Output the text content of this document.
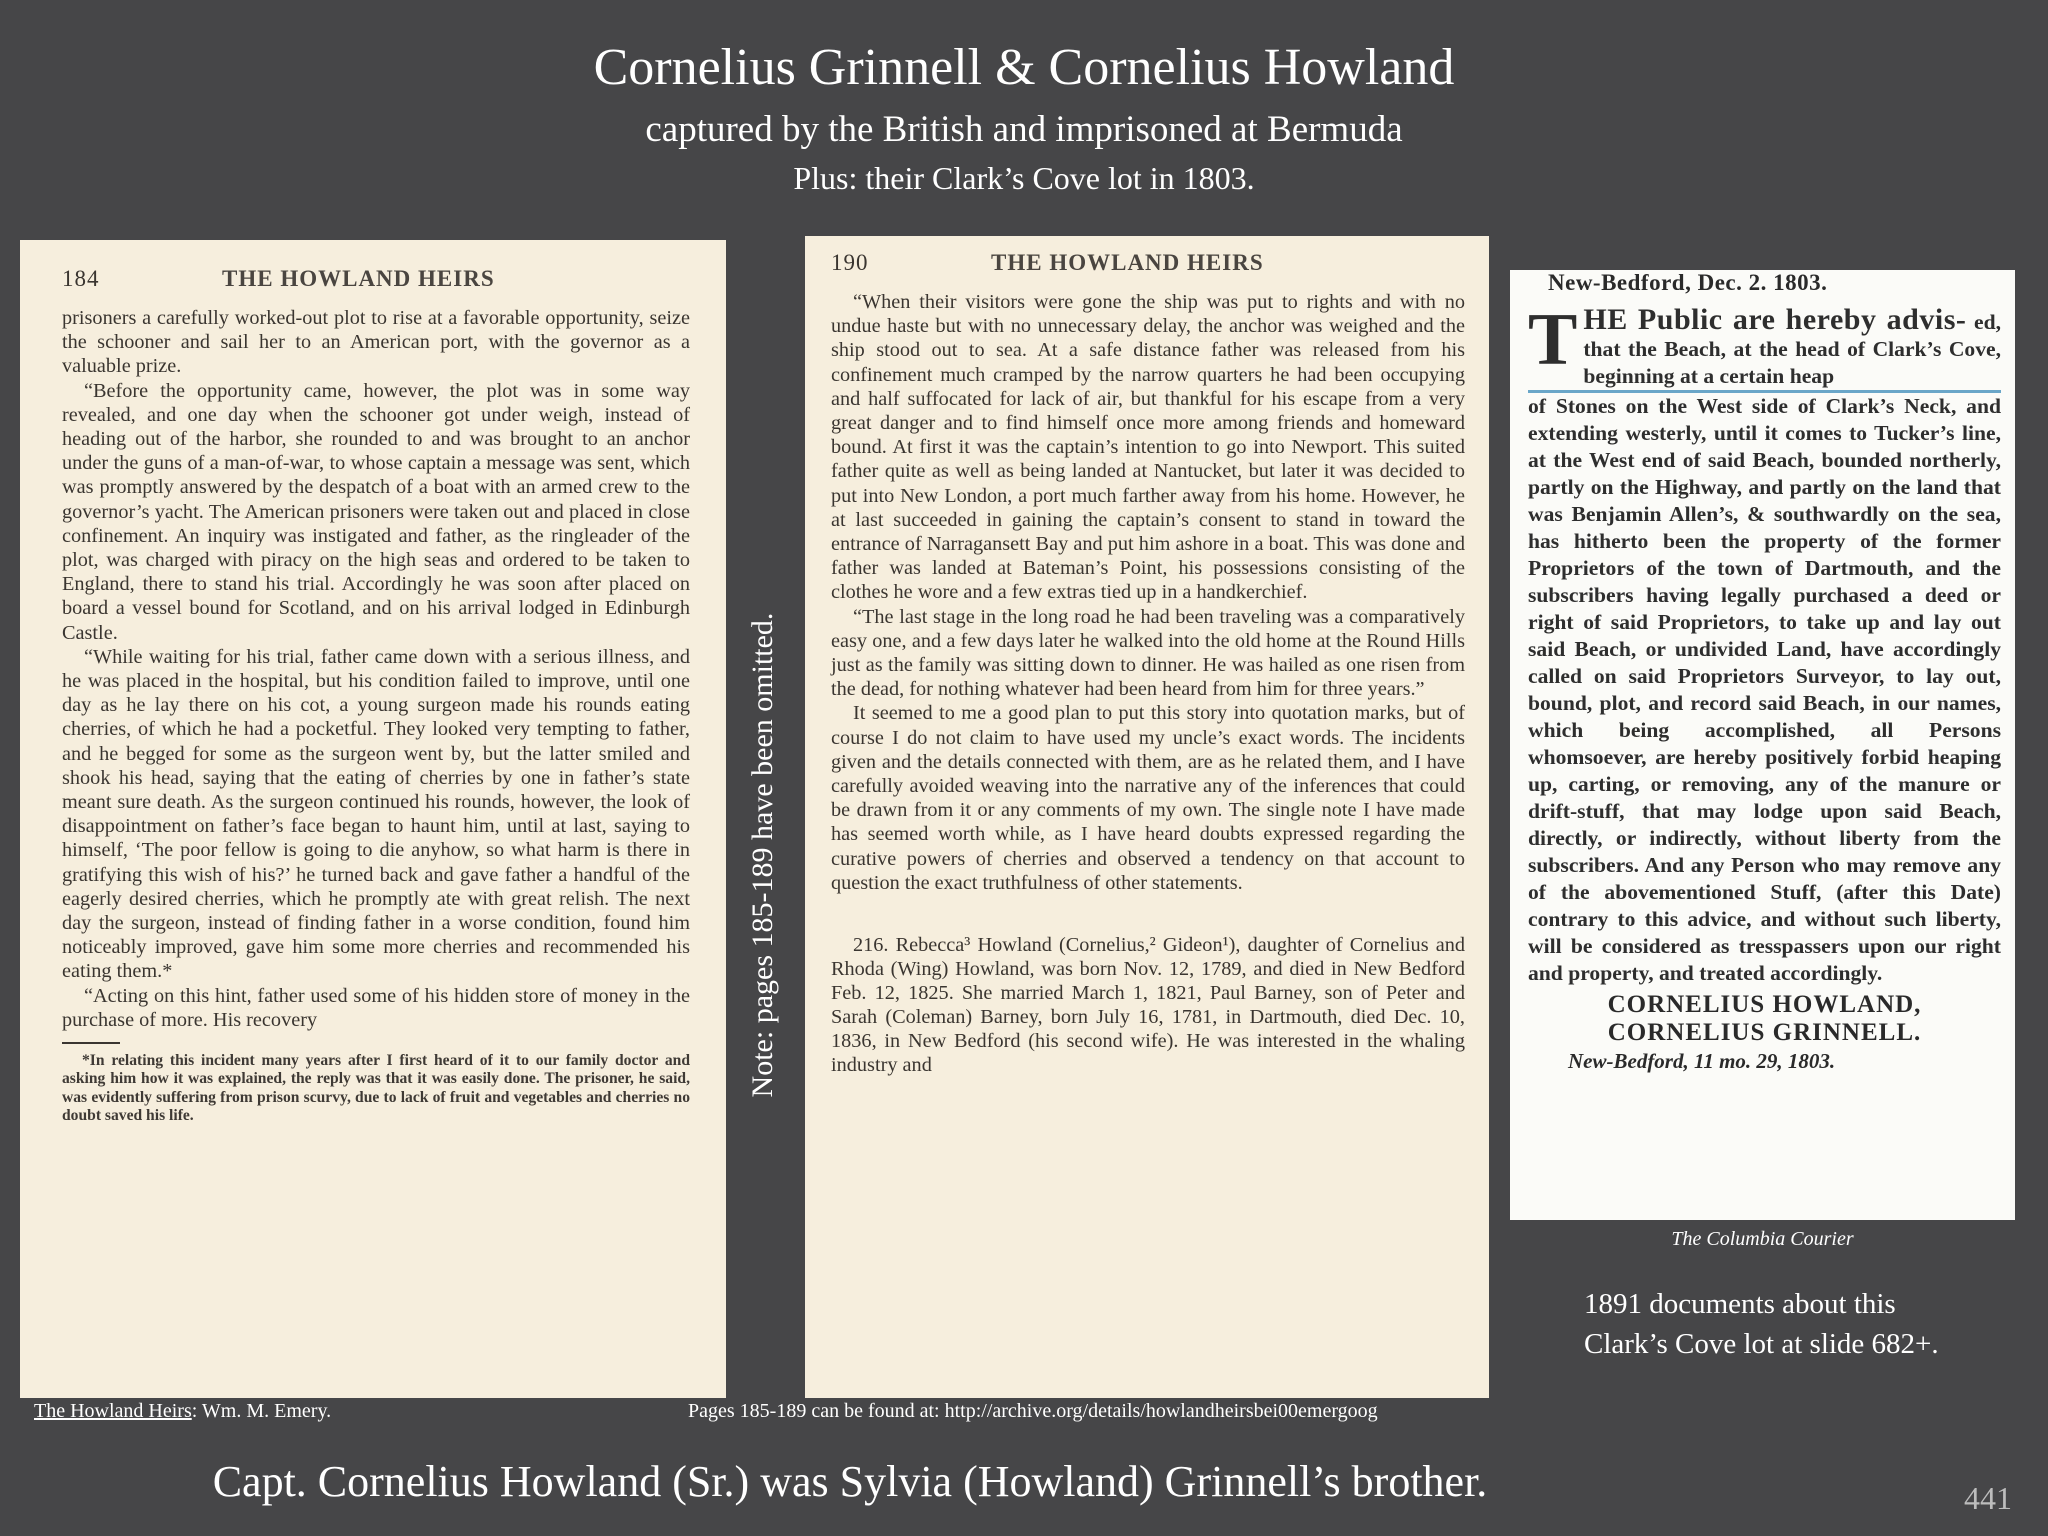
Cornelius Grinnell & Cornelius Howland
captured by the British and imprisoned at Bermuda
Plus: their Clark’s Cove lot in 1803.
184	THE HOWLAND HEIRS

prisoners a carefully worked-out plot to rise at a favorable opportunity, seize the schooner and sail her to an American port, with the governor as a valuable prize.

“Before the opportunity came, however, the plot was in some way revealed, and one day when the schooner got under weigh, instead of heading out of the harbor, she rounded to and was brought to an anchor under the guns of a man-of-war, to whose captain a message was sent, which was promptly answered by the despatch of a boat with an armed crew to the governor’s yacht. The American prisoners were taken out and placed in close confinement. An inquiry was instigated and father, as the ringleader of the plot, was charged with piracy on the high seas and ordered to be taken to England, there to stand his trial. Accordingly he was soon after placed on board a vessel bound for Scotland, and on his arrival lodged in Edinburgh Castle.

“While waiting for his trial, father came down with a serious illness, and he was placed in the hospital, but his condition failed to improve, until one day as he lay there on his cot, a young surgeon made his rounds eating cherries, of which he had a pocketful. They looked very tempting to father, and he begged for some as the surgeon went by, but the latter smiled and shook his head, saying that the eating of cherries by one in father’s state meant sure death. As the surgeon continued his rounds, however, the look of disappointment on father’s face began to haunt him, until at last, saying to himself, ‘The poor fellow is going to die anyhow, so what harm is there in gratifying this wish of his?’ he turned back and gave father a handful of the eagerly desired cherries, which he promptly ate with great relish. The next day the surgeon, instead of finding father in a worse condition, found him noticeably improved, gave him some more cherries and recommended his eating them.*

“Acting on this hint, father used some of his hidden store of money in the purchase of more. His recovery

*In relating this incident many years after I first heard of it to our family doctor and asking him how it was explained, the reply was that it was easily done. The prisoner, he said, was evidently suffering from prison scurvy, due to lack of fruit and vegetables and cherries no doubt saved his life.

Note: pages 185-189 have been omitted.
190	THE HOWLAND HEIRS

“When their visitors were gone the ship was put to rights and with no undue haste but with no unnecessary delay, the anchor was weighed and the ship stood out to sea. At a safe distance father was released from his confinement much cramped by the narrow quarters he had been occupying and half suffocated for lack of air, but thankful for his escape from a very great danger and to find himself once more among friends and homeward bound. At first it was the captain’s intention to go into Newport. This suited father quite as well as being landed at Nantucket, but later it was decided to put into New London, a port much farther away from his home. However, he at last succeeded in gaining the captain’s consent to stand in toward the entrance of Narragansett Bay and put him ashore in a boat. This was done and father was landed at Bateman’s Point, his possessions consisting of the clothes he wore and a few extras tied up in a handkerchief.

“The last stage in the long road he had been traveling was a comparatively easy one, and a few days later he walked into the old home at the Round Hills just as the family was sitting down to dinner. He was hailed as one risen from the dead, for nothing whatever had been heard from him for three years.”

It seemed to me a good plan to put this story into quotation marks, but of course I do not claim to have used my uncle’s exact words. The incidents given and the details connected with them, are as he related them, and I have carefully avoided weaving into the narrative any of the inferences that could be drawn from it or any comments of my own. The single note I have made has seemed worth while, as I have heard doubts expressed regarding the curative powers of cherries and observed a tendency on that account to question the exact truthfulness of other statements.

216. Rebecca³ Howland (Cornelius,² Gideon¹), daughter of Cornelius and Rhoda (Wing) Howland, was born Nov. 12, 1789, and died in New Bedford Feb. 12, 1825. She married March 1, 1821, Paul Barney, son of Peter and Sarah (Coleman) Barney, born July 16, 1781, in Dartmouth, died Dec. 10, 1836, in New Bedford (his second wife). He was interested in the whaling industry and

New-Bedford, Dec. 2. 1803.
T HE Public are hereby advis- ed, that the Beach, at the head of Clark’s Cove, beginning at a certain heap
of Stones on the West side of Clark’s Neck, and extending westerly, until it comes to Tucker’s line, at the West end of said Beach, bounded northerly, partly on the Highway, and partly on the land that was Benjamin Allen’s, & southwardly on the sea, has hitherto been the property of the former Proprietors of the town of Dartmouth, and the subscribers having legally purchased a deed or right of said Proprietors, to take up and lay out said Beach, or undivided Land, have accordingly called on said Proprietors Surveyor, to lay out, bound, plot, and record said Beach, in our names, which being accomplished, all Persons whomsoever, are hereby positively forbid heaping up, carting, or removing, any of the manure or drift-stuff, that may lodge upon said Beach, directly, or indirectly, without liberty from the subscribers. And any Person who may remove any of the abovementioned Stuff, (after this Date) contrary to this advice, and without such liberty, will be considered as tresspassers upon our right and property, and treated accordingly.
CORNELIUS HOWLAND,
CORNELIUS GRINNELL.
New-Bedford, 11 mo. 29, 1803.
The Columbia Courier
1891 documents about this
Clark’s Cove lot at slide 682+.
The Howland Heirs: Wm. M. Emery.	Pages 185-189 can be found at: http://archive.org/details/howlandheirsbei00emergoog
Capt. Cornelius Howland (Sr.) was Sylvia (Howland) Grinnell’s brother.	441
